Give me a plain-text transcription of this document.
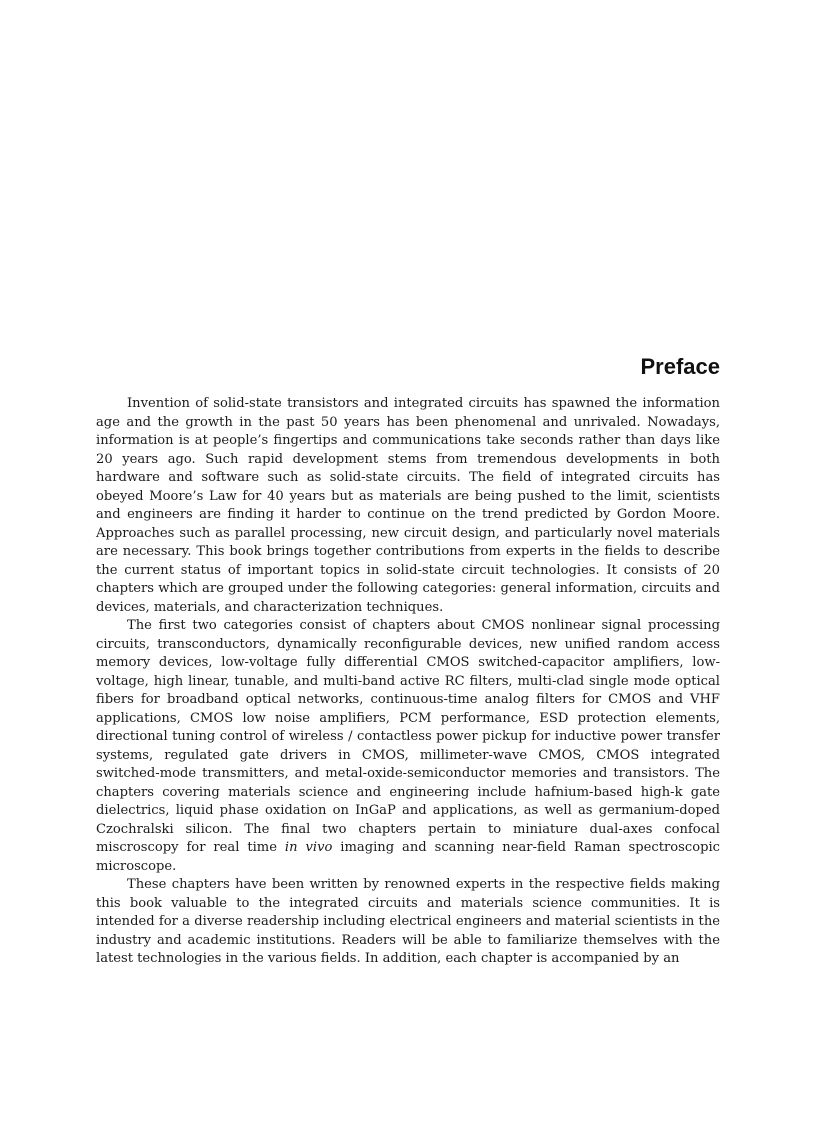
Preface

Invention of solid-state transistors and integrated circuits has spawned the information age and the growth in the past 50 years has been phenomenal and unrivaled. Nowadays, information is at people’s fingertips and communications take seconds rather than days like 20 years ago. Such rapid development stems from tremendous developments in both hardware and software such as solid-state circuits. The field of integrated circuits has obeyed Moore’s Law for 40 years but as materials are being pushed to the limit, scientists and engineers are finding it harder to continue on the trend predicted by Gordon Moore. Approaches such as parallel processing, new circuit design, and particularly novel materials are necessary. This book brings together contributions from experts in the fields to describe the current status of important topics in solid-state circuit technologies. It consists of 20 chapters which are grouped under the following categories: general information, circuits and devices, materials, and characterization techniques.

The first two categories consist of chapters about CMOS nonlinear signal processing circuits, transconductors, dynamically reconfigurable devices, new unified random access memory devices, low-voltage fully differential CMOS switched-capacitor amplifiers, low-voltage, high linear, tunable, and multi-band active RC filters, multi-clad single mode optical fibers for broadband optical networks, continuous-time analog filters for CMOS and VHF applications, CMOS low noise amplifiers, PCM performance, ESD protection elements, directional tuning control of wireless / contactless power pickup for inductive power transfer systems, regulated gate drivers in CMOS, millimeter-wave CMOS, CMOS integrated switched-mode transmitters, and metal-oxide-semiconductor memories and transistors. The chapters covering materials science and engineering include hafnium-based high-k gate dielectrics, liquid phase oxidation on InGaP and applications, as well as germanium-doped Czochralski silicon. The final two chapters pertain to miniature dual-axes confocal miscroscopy for real time in vivo imaging and scanning near-field Raman spectroscopic microscope.

These chapters have been written by renowned experts in the respective fields making this book valuable to the integrated circuits and materials science communities. It is intended for a diverse readership including electrical engineers and material scientists in the industry and academic institutions. Readers will be able to familiarize themselves with the latest technologies in the various fields. In addition, each chapter is accompanied by an
